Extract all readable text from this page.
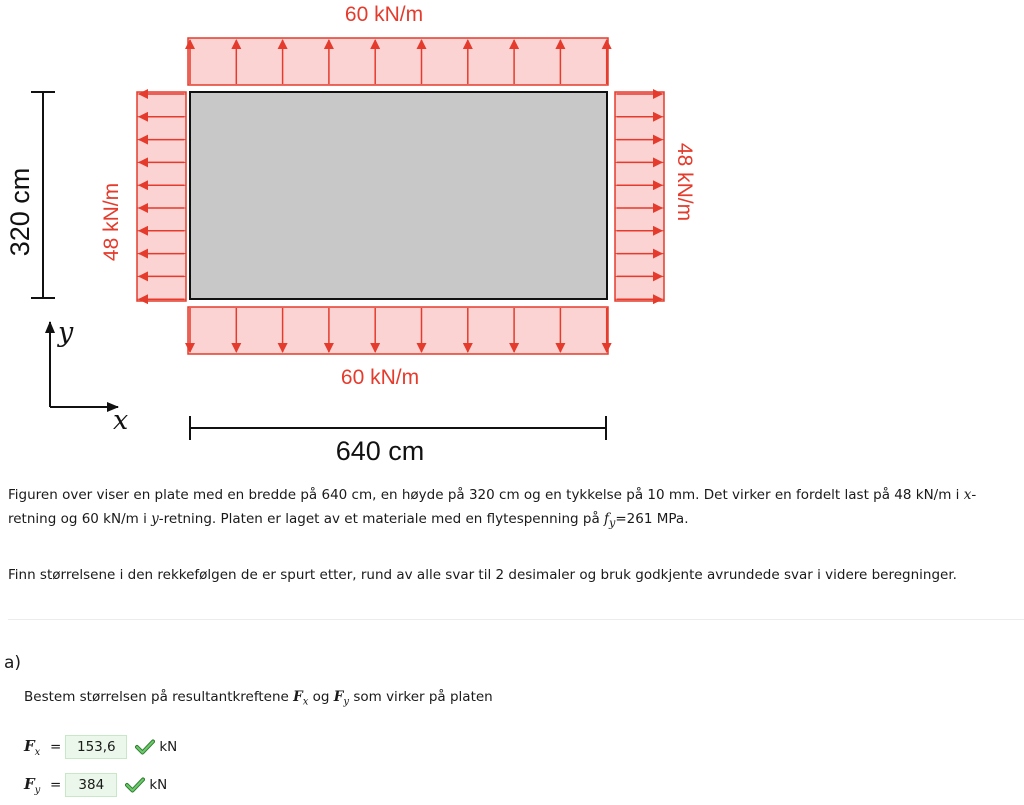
60 kN/m
60 kN/m
48 kN/m
48 kN/m
320 cm
640 cm
y
x

Figuren over viser en plate med en bredde på 640 cm, en høyde på 320 cm og en tykkelse på 10 mm. Det virker en fordelt last på 48 kN/m i x-retning og 60 kN/m i y-retning. Platen er laget av et materiale med en flytespenning på $f_y=261$ MPa.

Finn størrelsene i den rekkefølgen de er spurt etter, rund av alle svar til 2 desimaler og bruk godkjente avrundede svar i videre beregninger.

a)
Bestem størrelsen på resultantkreftene $F_x$ og $F_y$ som virker på platen
$F_x$ =	153,6	kN
$F_y$ =	384	kN
